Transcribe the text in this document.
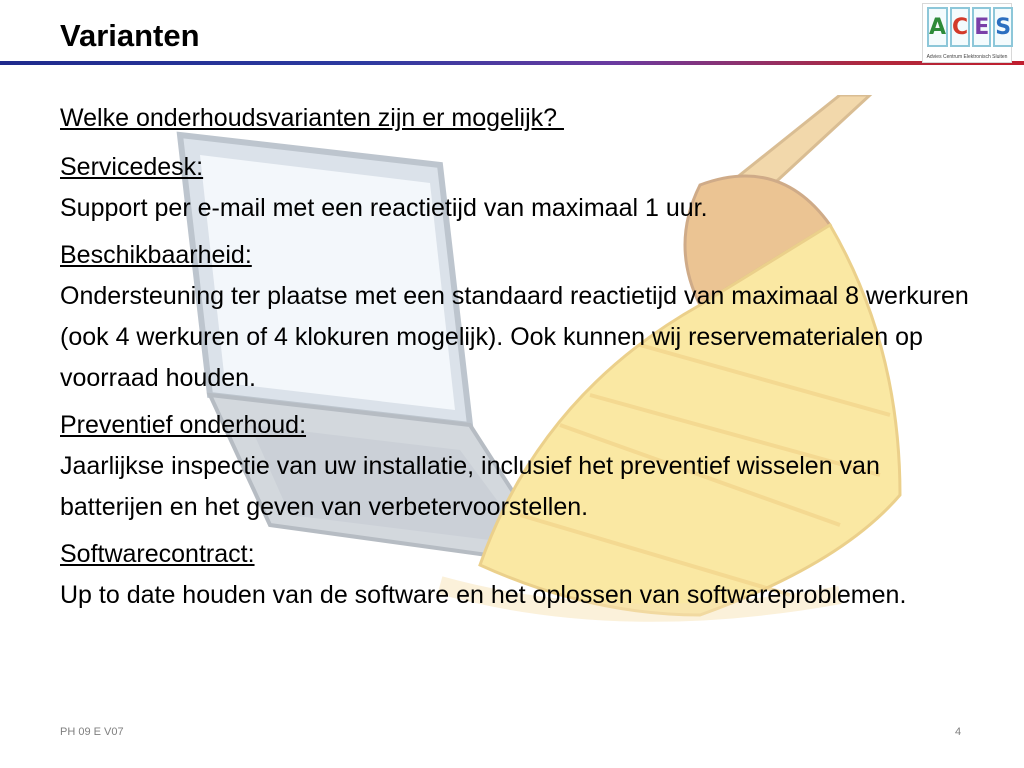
Varianten	A C E S
Advies Centrum Elektronisch Sluiten
Welke onderhoudsvarianten zijn er mogelijk?
Servicedesk:
Support per e-mail met een reactietijd van maximaal 1 uur.
Beschikbaarheid:
Ondersteuning ter plaatse met een standaard reactietijd van maximaal 8 werkuren (ook 4 werkuren of 4 klokuren mogelijk). Ook kunnen wij reservematerialen op voorraad houden.
Preventief onderhoud:
Jaarlijkse inspectie van uw installatie, inclusief het preventief wisselen van batterijen en het geven van verbetervoorstellen.
Softwarecontract:
Up to date houden van de software en het oplossen van softwareproblemen.
PH 09 E V07	4
